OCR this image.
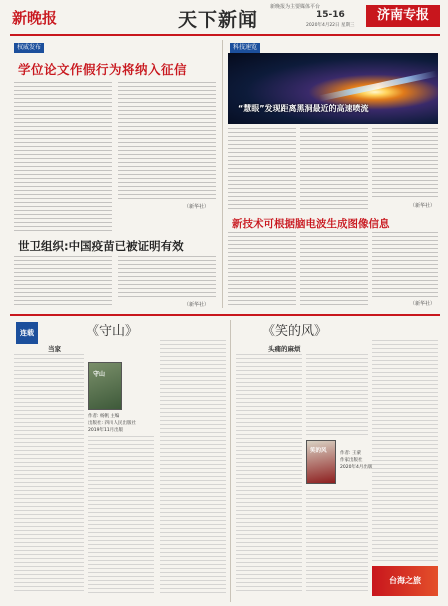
新晚报	天下新闻
新晚报为主要媒体平台
15-16
2020年4月22日 星期三
济南专报
权威发布
学位论文作假行为将纳入征信
（新华社）
科技速览
“慧眼”发现距离黑洞最近的高速喷流
（新华社）
世卫组织:中国疫苗已被证明有效
（新华社）
新技术可根据脑电波生成图像信息
（新华社）
连载	《守山》
当家
守山
作者: 杨帆 主编
出版社: 四川人民出版社
2019年11月出版
《笑的风》
头痛的麻烦
笑的风	作者: 王蒙
作家出版社
2020年4月出版
台海之旅
